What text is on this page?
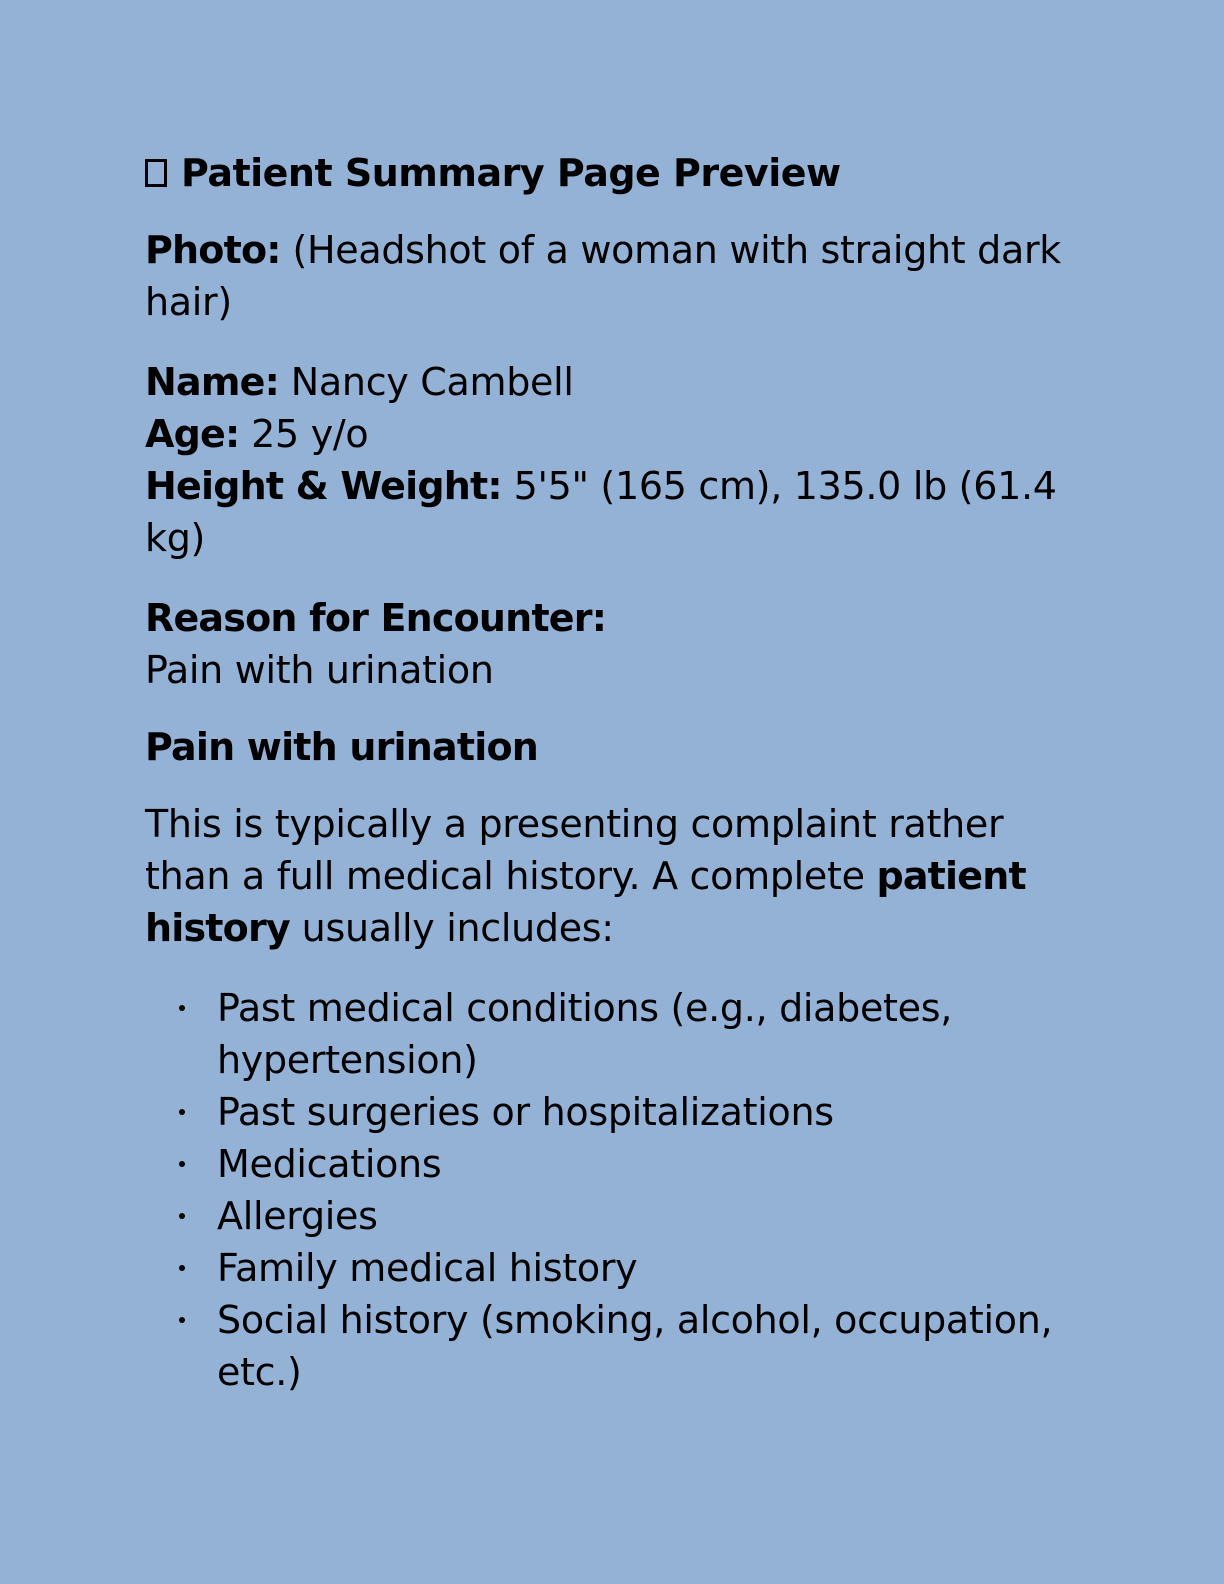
Patient Summary Page Preview

Photo: (Headshot of a woman with straight dark hair)

Name: Nancy Cambell
Age: 25 y/o
Height & Weight: 5'5" (165 cm), 135.0 lb (61.4 kg)

Reason for Encounter:
Pain with urination

Pain with urination

This is typically a presenting complaint rather than a full medical history. A complete patient history usually includes:

Past medical conditions (e.g., diabetes, hypertension)
Past surgeries or hospitalizations
Medications
Allergies
Family medical history
Social history (smoking, alcohol, occupation, etc.)
